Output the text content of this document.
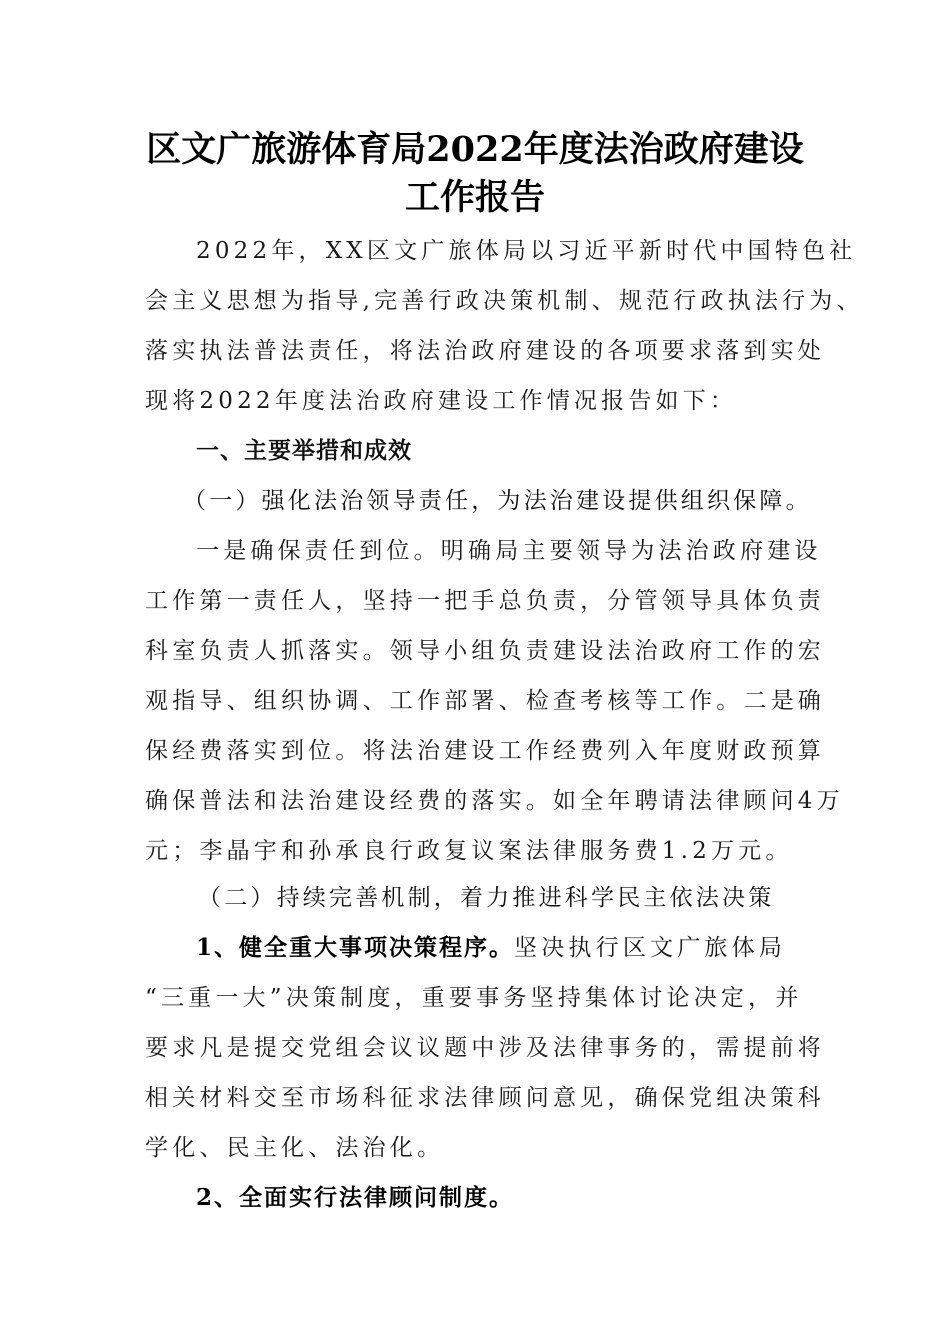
区文广旅游体育局2022年度法治政府建设
工作报告
2022年，XX区文广旅体局以习近平新时代中国特色社
会主义思想为指导,完善行政决策机制、规范行政执法行为、
落实执法普法责任，将法治政府建设的各项要求落到实处
现将2022年度法治政府建设工作情况报告如下：
一、主要举措和成效
（一）强化法治领导责任，为法治建设提供组织保障。
一是确保责任到位。明确局主要领导为法治政府建设
工作第一责任人，坚持一把手总负责，分管领导具体负责
科室负责人抓落实。领导小组负责建设法治政府工作的宏
观指导、组织协调、工作部署、检查考核等工作。二是确
保经费落实到位。将法治建设工作经费列入年度财政预算
确保普法和法治建设经费的落实。如全年聘请法律顾问4万
元；李晶宇和孙承良行政复议案法律服务费1.2万元。
（二）持续完善机制，着力推进科学民主依法决策
1、健全重大事项决策程序。坚决执行区文广旅体局
“三重一大”决策制度，重要事务坚持集体讨论决定，并
要求凡是提交党组会议议题中涉及法律事务的，需提前将
相关材料交至市场科征求法律顾问意见，确保党组决策科
学化、民主化、法治化。
2、全面实行法律顾问制度。
